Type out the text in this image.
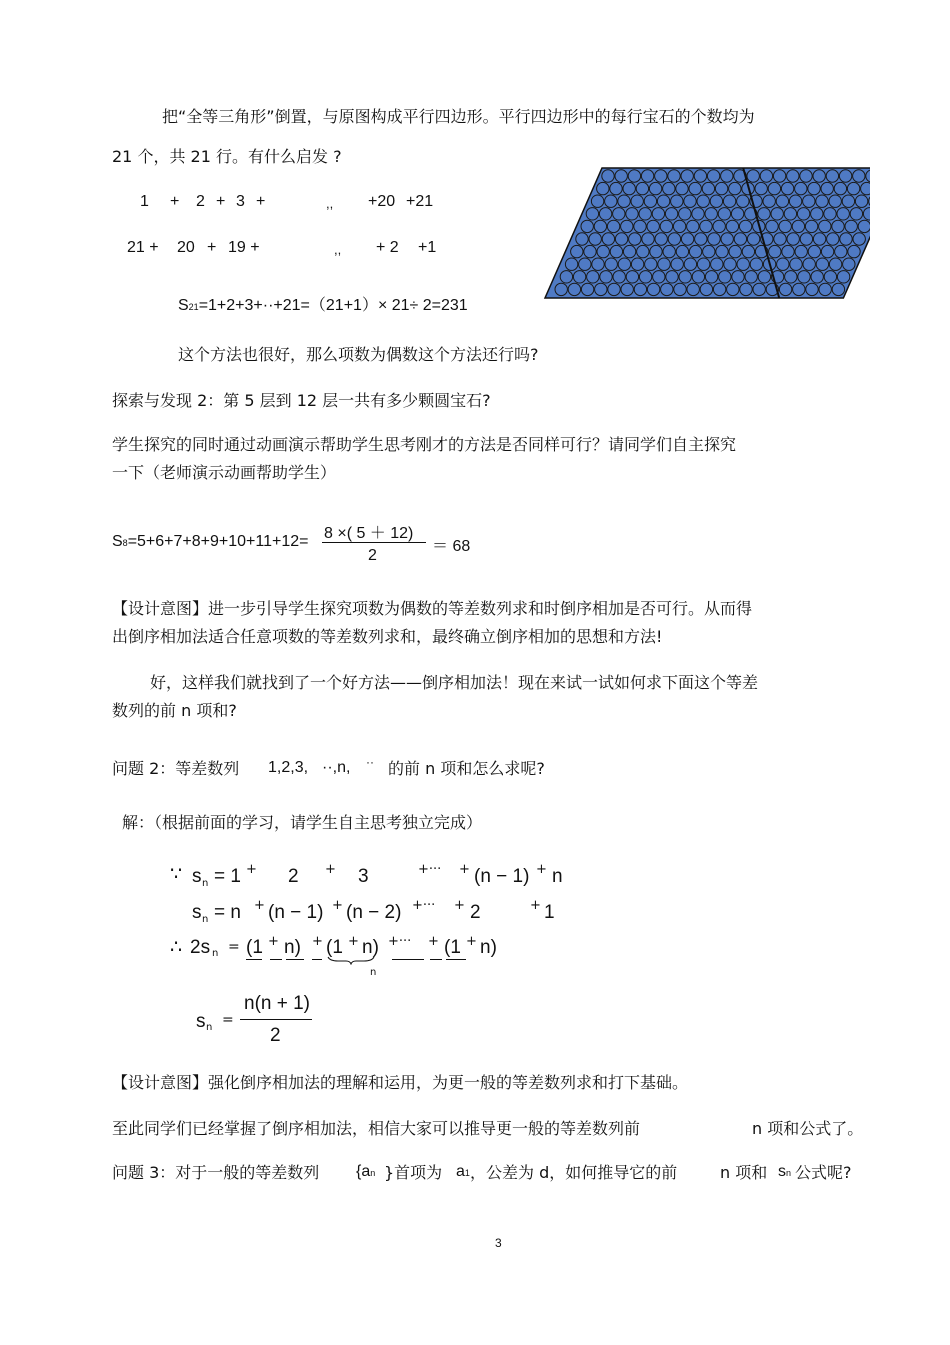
把“全等三角形”倒置，与原图构成平行四边形。平行四边形中的每行宝石的个数均为
21 个，共 21 行。有什么启发 ?
1 + 2 + 3 +	,, +20 +21
21 + 20 + 19 +	,, + 2 +1
S21=1+2+3+··+21=（21+1）× 21÷ 2=231
这个方法也很好，那么项数为偶数这个方法还行吗?
探索与发现 2：第 5 层到 12 层一共有多少颗圆宝石?
学生探究的同时通过动画演示帮助学生思考刚才的方法是否同样可行？请同学们自主探究
一下（老师演示动画帮助学生）
S8=5+6+7+8+9+10+11+12= 8 ×( 5 ＋ 12)
2
＝ 68
【设计意图】进一步引导学生探究项数为偶数的等差数列求和时倒序相加是否可行。从而得
出倒序相加法适合任意项数的等差数列求和，最终确立倒序相加的思想和方法!
好，这样我们就找到了一个好方法——倒序相加法！现在来试一试如何求下面这个等差
数列的前 n 项和?
问题 2：等差数列 1,2,3, ··,n, ·· 的前 n 项和怎么求呢?
解：（根据前面的学习，请学生自主思考独立完成）
∵ s n = 1 + 2 + 3	+··· + (n − 1) + n
s n = n + (n − 1) + (n − 2) +··· + 2	+ 1
∴ 2s n = (1 + n) + (1 + n) +··· + (1 + n)
n
s n =
n(n + 1)
2
【设计意图】强化倒序相加法的理解和运用，为更一般的等差数列求和打下基础。
至此同学们已经掌握了倒序相加法，相信大家可以推导更一般的等差数列前	n 项和公式了。
问题 3：对于一般的等差数列 {an }首项为 a1 ，公差为 d，如何推导它的前	n 项和 sn 公式呢?
3
